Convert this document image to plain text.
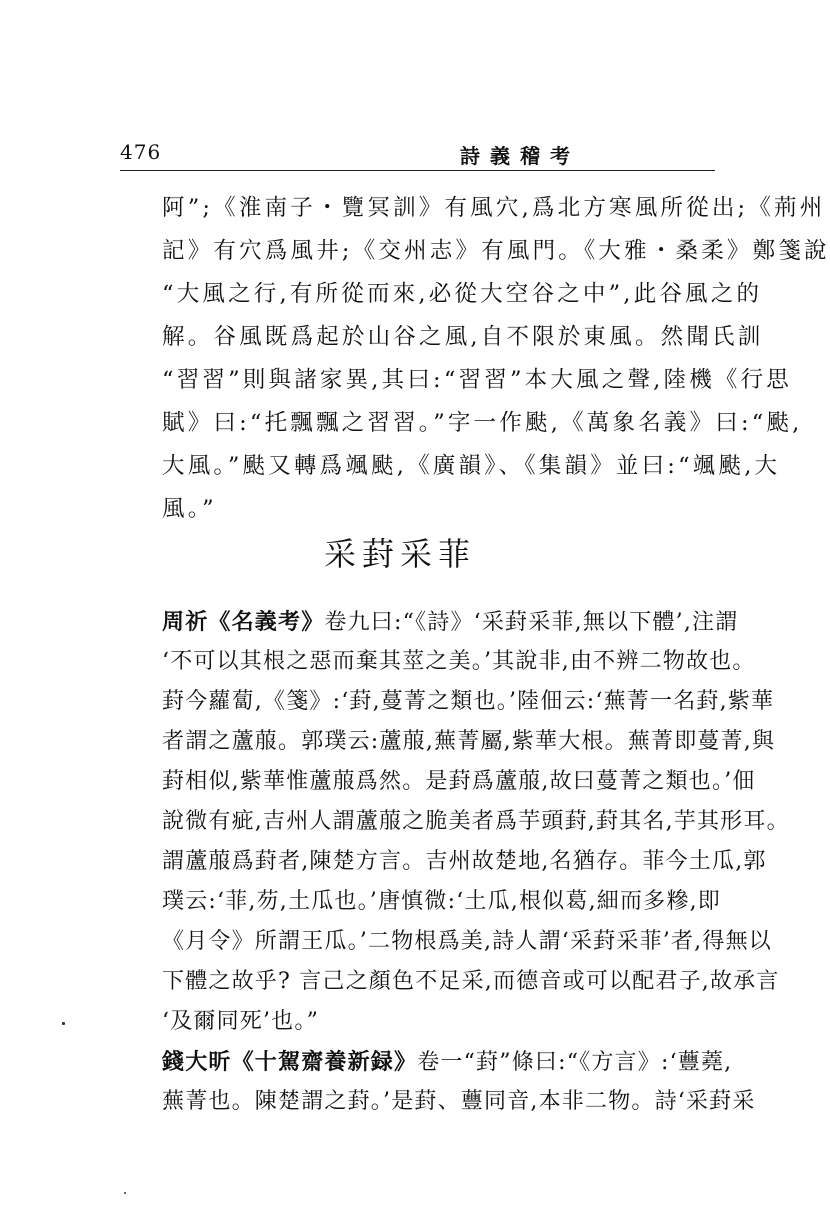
476	詩義稽考
阿”;《淮南子・覽冥訓》有風穴,爲北方寒風所從出;《荊州
記》有穴爲風井;《交州志》有風門。《大雅・桑柔》鄭箋說
“大風之行,有所從而來,必從大空谷之中”,此谷風之的
解。谷風既爲起於山谷之風,自不限於東風。然聞氏訓
“習習”則與諸家異,其曰:“習習”本大風之聲,陸機《行思
賦》曰:“托飄飄之習習。”字一作颫,《萬象名義》曰:“颫,
大風。”颫又轉爲颯颫,《廣韻》、《集韻》並曰:“颯颫,大
風。”
采葑采菲
周祈《名義考》卷九曰:“《詩》‘采葑采菲,無以下體’,注謂
‘不可以其根之惡而棄其莖之美。’其說非,由不辨二物故也。
葑今蘿蔔,《箋》:‘葑,蔓菁之類也。’陸佃云:‘蕪菁一名葑,紫華
者謂之蘆菔。郭璞云:蘆菔,蕪菁屬,紫華大根。蕪菁即蔓菁,與
葑相似,紫華惟蘆菔爲然。是葑爲蘆菔,故曰蔓菁之類也。’佃
說微有疵,吉州人謂蘆菔之脆美者爲芋頭葑,葑其名,芋其形耳。
謂蘆菔爲葑者,陳楚方言。吉州故楚地,名猶存。菲今土瓜,郭
璞云:‘菲,芴,土瓜也。’唐慎微:‘土瓜,根似葛,細而多糝,即
《月令》所謂王瓜。’二物根爲美,詩人謂‘采葑采菲’者,得無以
下體之故乎? 言己之顏色不足采,而德音或可以配君子,故承言
‘及爾同死’也。”
錢大昕《十駕齋養新録》卷一“葑”條曰:“《方言》:‘蘴蕘,
蕪菁也。陳楚謂之葑。’是葑、蘴同音,本非二物。詩‘采葑采
